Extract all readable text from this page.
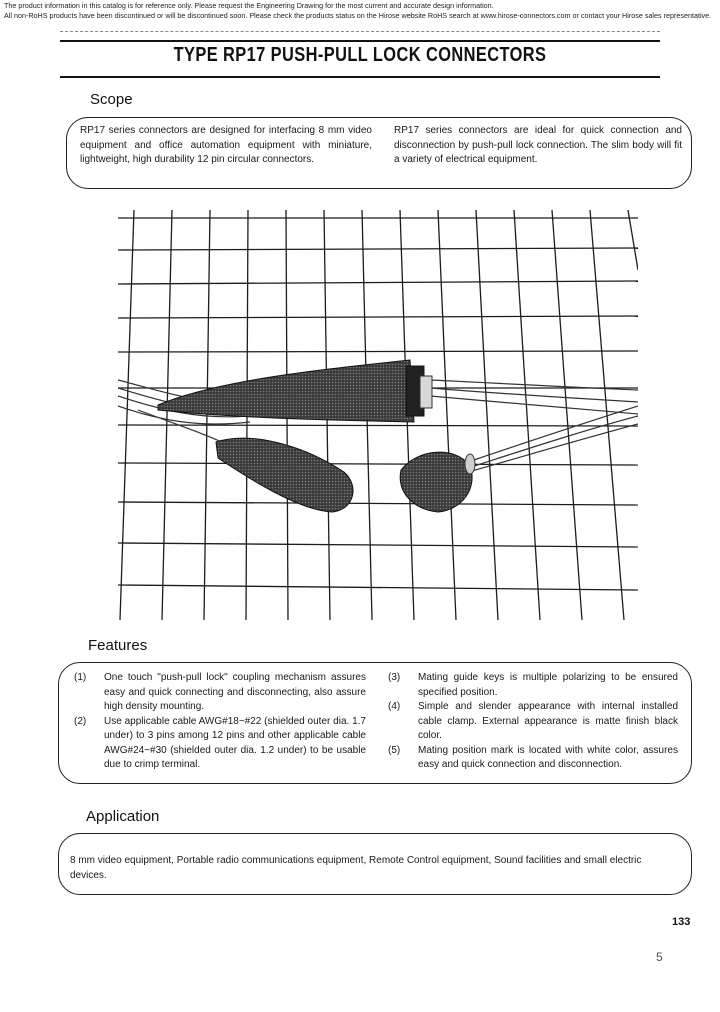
The product information in this catalog is for reference only. Please request the Engineering Drawing for the most current and accurate design information.
All non-RoHS products have been discontinued or will be discontinued soon. Please check the products status on the Hirose website RoHS search at www.hirose-connectors.com or contact your Hirose sales representative.
TYPE RP17 PUSH-PULL LOCK CONNECTORS
Scope
RP17 series connectors are designed for interfacing 8 mm video equipment and office automation equipment with miniature, lightweight, high durability 12 pin circular connectors.
RP17 series connectors are ideal for quick connection and disconnection by push-pull lock connection. The slim body will fit a variety of electrical equipment.
Features
(1) One touch "push-pull lock" coupling mechanism assures easy and quick connecting and disconnecting, also assure high density mounting.
(2) Use applicable cable AWG#18~#22 (shielded outer dia. 1.7 under) to 3 pins among 12 pins and other applicable cable AWG#24~#30 (shielded outer dia. 1.2 under) to be usable due to crimp terminal.
(3) Mating guide keys is multiple polarizing to be ensured specified position.
(4) Simple and slender appearance with internal installed cable clamp. External appearance is matte finish black color.
(5) Mating position mark is located with white color, assures easy and quick connection and disconnection.
Application
8 mm video equipment, Portable radio communications equipment, Remote Control equipment, Sound facilities and small electric devices.
133
5
